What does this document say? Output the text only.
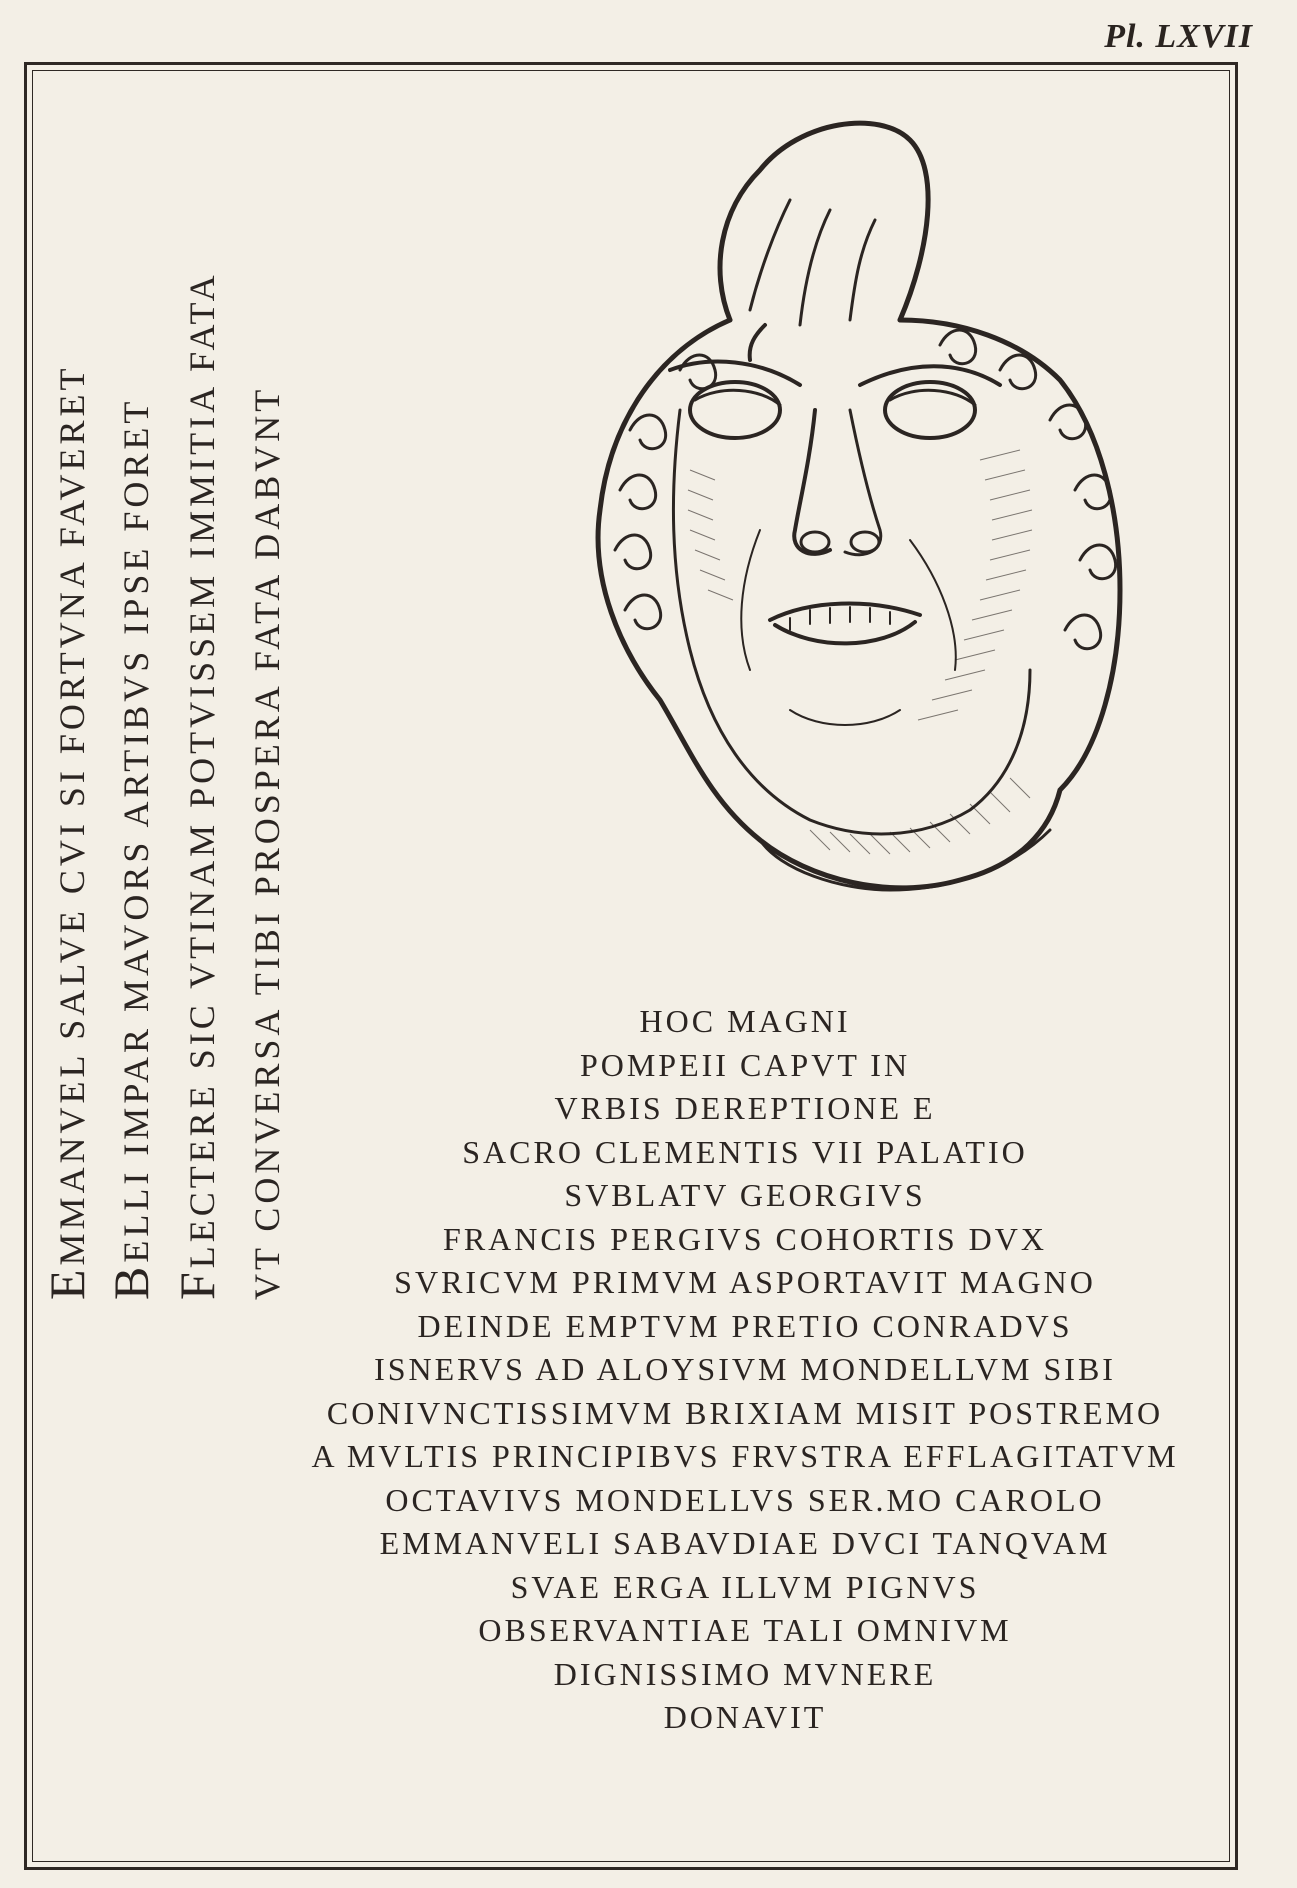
Pl. LXVII
EMMANVEL SALVE CVI SI FORTVNA FAVERET
BELLI IMPAR MAVORS ARTIBVS IPSE FORET
FLECTERE SIC VTINAM POTVISSEM IMMITIA FATA VT CONVERSA TIBI PROSPERA FATA DABVNT	HOC MAGNI
POMPEII CAPVT IN
VRBIS DEREPTIONE E
SACRO CLEMENTIS VII PALATIO
SVBLATV GEORGIVS
FRANCIS PERGIVS COHORTIS DVX
SVRICVM PRIMVM ASPORTAVIT MAGNO
DEINDE EMPTVM PRETIO CONRADVS
ISNERVS AD ALOYSIVM MONDELLVM SIBI
CONIVNCTISSIMVM BRIXIAM MISIT POSTREMO
A MVLTIS PRINCIPIBVS FRVSTRA EFFLAGITATVM
OCTAVIVS MONDELLVS SER.MO CAROLO
EMMANVELI SABAVDIAE DVCI TANQVAM
SVAE ERGA ILLVM PIGNVS
OBSERVANTIAE TALI OMNIVM
DIGNISSIMO MVNERE
DONAVIT
